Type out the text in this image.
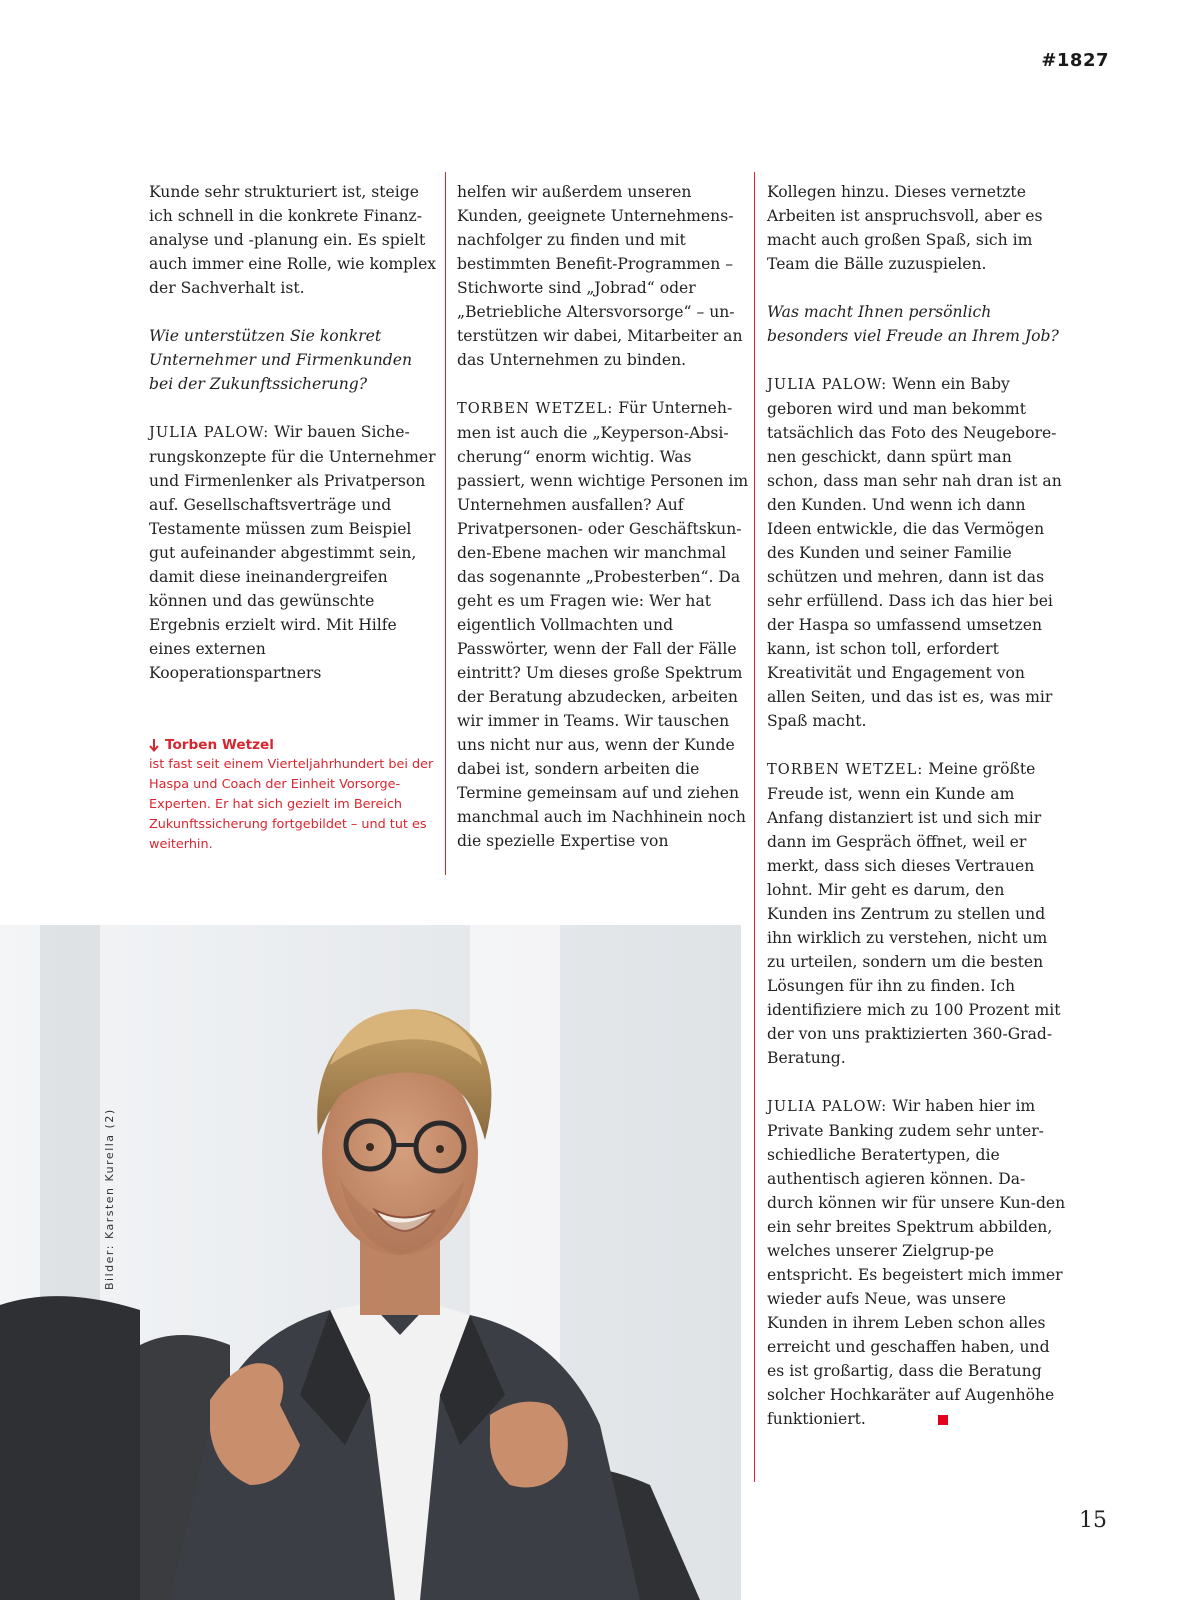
#1827

Kunde sehr strukturiert ist, steige ich schnell in die konkrete Finanz-analyse und -planung ein. Es spielt auch immer eine Rolle, wie komplex der Sachverhalt ist.

Wie unterstützen Sie konkret Unternehmer und Firmenkunden bei der Zukunftssicherung?

JULIA PALOW: Wir bauen Siche-rungskonzepte für die Unternehmer und Firmenlenker als Privatperson auf. Gesellschaftsverträge und Testamente müssen zum Beispiel gut aufeinander abgestimmt sein, damit diese ineinandergreifen können und das gewünschte Ergebnis erzielt wird. Mit Hilfe eines externen Kooperationspartners

Torben Wetzel
ist fast seit einem Vierteljahrhundert bei der Haspa und Coach der Einheit Vorsorge-Experten. Er hat sich gezielt im Bereich Zukunftssicherung fortgebildet – und tut es weiterhin.

helfen wir außerdem unseren Kunden, geeignete Unternehmens-nachfolger zu finden und mit bestimmten Benefit-Programmen – Stichworte sind „Jobrad“ oder „Betriebliche Altersvorsorge“ – un-terstützen wir dabei, Mitarbeiter an das Unternehmen zu binden.

TORBEN WETZEL: Für Unterneh-men ist auch die „Keyperson-Absi-cherung“ enorm wichtig. Was passiert, wenn wichtige Personen im Unternehmen ausfallen? Auf Privatpersonen- oder Geschäftskun-den-Ebene machen wir manchmal das sogenannte „Probesterben“. Da geht es um Fragen wie: Wer hat eigentlich Vollmachten und Passwörter, wenn der Fall der Fälle eintritt? Um dieses große Spektrum der Beratung abzudecken, arbeiten wir immer in Teams. Wir tauschen uns nicht nur aus, wenn der Kunde dabei ist, sondern arbeiten die Termine gemeinsam auf und ziehen manchmal auch im Nachhinein noch die spezielle Expertise von

Kollegen hinzu. Dieses vernetzte Arbeiten ist anspruchsvoll, aber es macht auch großen Spaß, sich im Team die Bälle zuzuspielen.

Was macht Ihnen persönlich besonders viel Freude an Ihrem Job?

JULIA PALOW: Wenn ein Baby geboren wird und man bekommt tatsächlich das Foto des Neugebore-nen geschickt, dann spürt man schon, dass man sehr nah dran ist an den Kunden. Und wenn ich dann Ideen entwickle, die das Vermögen des Kunden und seiner Familie schützen und mehren, dann ist das sehr erfüllend. Dass ich das hier bei der Haspa so umfassend umsetzen kann, ist schon toll, erfordert Kreativität und Engagement von allen Seiten, und das ist es, was mir Spaß macht.

TORBEN WETZEL: Meine größte Freude ist, wenn ein Kunde am Anfang distanziert ist und sich mir dann im Gespräch öffnet, weil er merkt, dass sich dieses Vertrauen lohnt. Mir geht es darum, den Kunden ins Zentrum zu stellen und ihn wirklich zu verstehen, nicht um zu urteilen, sondern um die besten Lösungen für ihn zu finden. Ich identifiziere mich zu 100 Prozent mit der von uns praktizierten 360-Grad-Beratung.

JULIA PALOW: Wir haben hier im Private Banking zudem sehr unter-schiedliche Beratertypen, die authentisch agieren können. Da-durch können wir für unsere Kun-den ein sehr breites Spektrum abbilden, welches unserer Zielgrup-pe entspricht. Es begeistert mich immer wieder aufs Neue, was unsere Kunden in ihrem Leben schon alles erreicht und geschaffen haben, und es ist großartig, dass die Beratung solcher Hochkaräter auf Augenhöhe funktioniert.

Bilder: Karsten Kurella (2)
15
